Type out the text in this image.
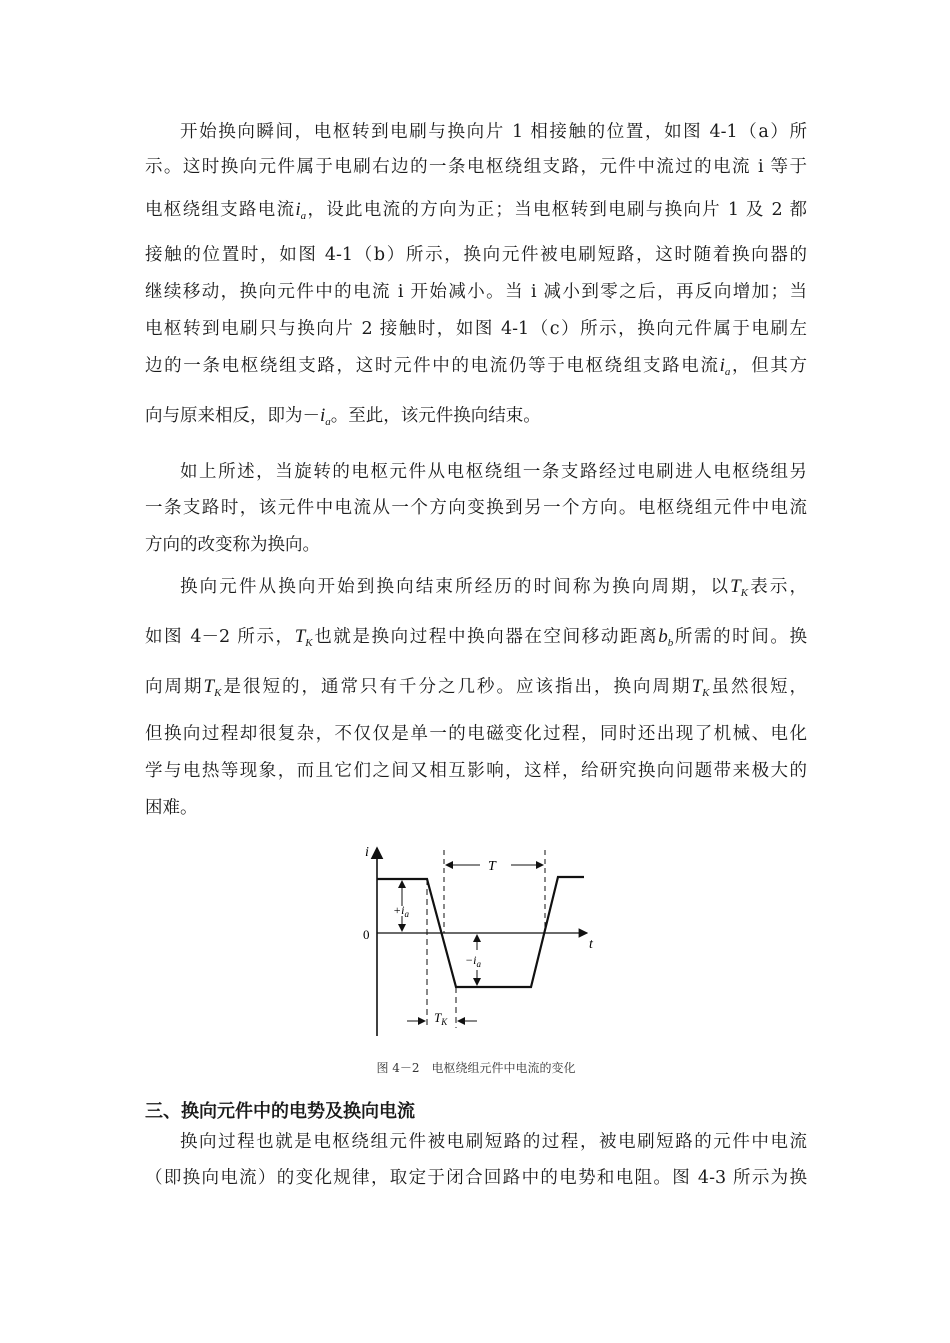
开始换向瞬间，电枢转到电刷与换向片 1 相接触的位置，如图 4-1（a）所
示。这时换向元件属于电刷右边的一条电枢绕组支路，元件中流过的电流 i 等于
电枢绕组支路电流$i_a$，设此电流的方向为正；当电枢转到电刷与换向片 1 及 2 都
接触的位置时，如图 4-1（b）所示，换向元件被电刷短路，这时随着换向器的
继续移动，换向元件中的电流 i 开始减小。当 i 减小到零之后，再反向增加；当
电枢转到电刷只与换向片 2 接触时，如图 4-1（c）所示，换向元件属于电刷左
边的一条电枢绕组支路，这时元件中的电流仍等于电枢绕组支路电流$i_a$，但其方
向与原来相反，即为$-i_a$。至此，该元件换向结束。
如上所述，当旋转的电枢元件从电枢绕组一条支路经过电刷进人电枢绕组另
一条支路时，该元件中电流从一个方向变换到另一个方向。电枢绕组元件中电流
方向的改变称为换向。
换向元件从换向开始到换向结束所经历的时间称为换向周期，以$T_K$表示，
如图 4－2 所示，$T_K$也就是换向过程中换向器在空间移动距离$b_b$所需的时间。换
向周期$T_K$是很短的，通常只有千分之几秒。应该指出，换向周期$T_K$虽然很短，
但换向过程却很复杂，不仅仅是单一的电磁变化过程，同时还出现了机械、电化
学与电热等现象，而且它们之间又相互影响，这样，给研究换向问题带来极大的
困难。
i
t
0
T
$+i_a$
$-i_a$
$T_K$
图 4－2　电枢绕组元件中电流的变化
三、换向元件中的电势及换向电流
换向过程也就是电枢绕组元件被电刷短路的过程，被电刷短路的元件中电流
（即换向电流）的变化规律，取定于闭合回路中的电势和电阻。图 4-3 所示为换
